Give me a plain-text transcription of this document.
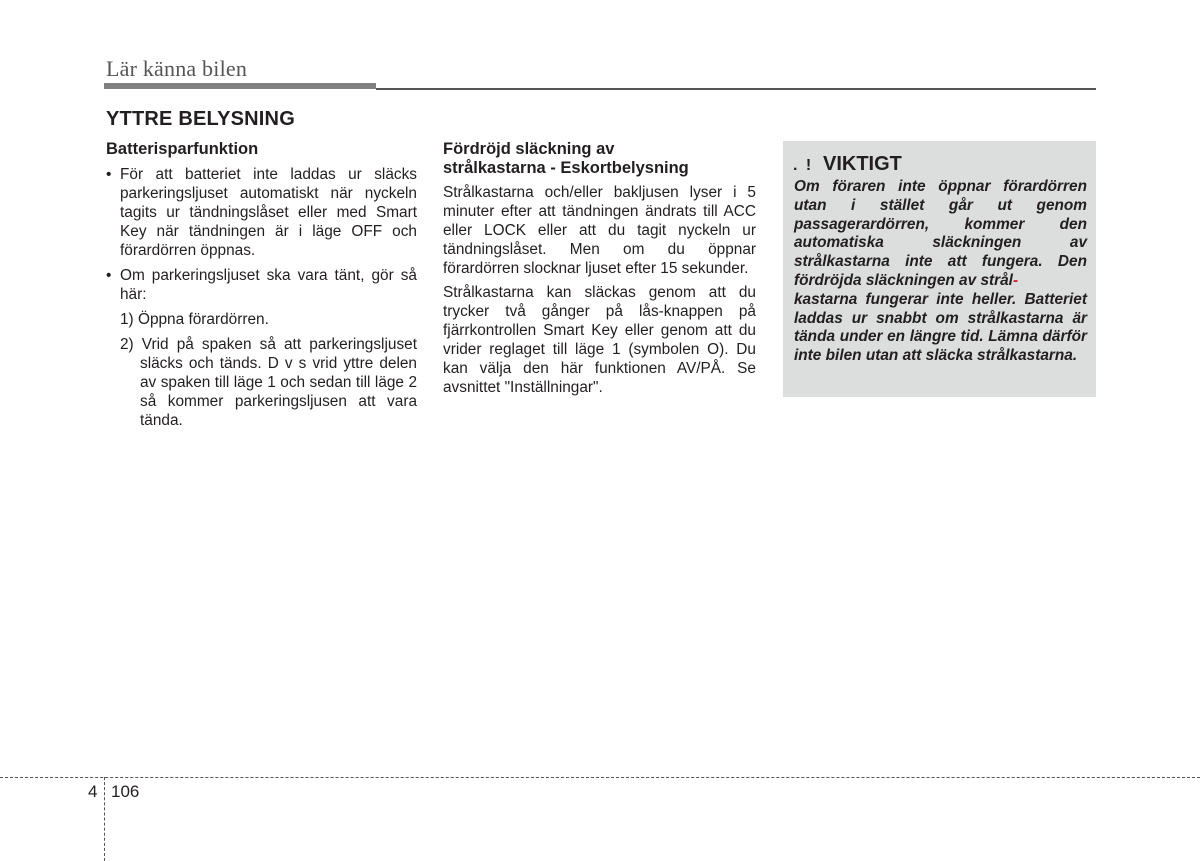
Lär känna bilen
YTTRE BELYSNING
Batterisparfunktion
• För att batteriet inte laddas ur släcks parkeringsljuset automatiskt när nyckeln tagits ur tändningslåset eller med Smart Key när tändningen är i läge OFF och förardörren öppnas.
• Om parkeringsljuset ska vara tänt, gör så här:
1) Öppna förardörren.
2) Vrid på spaken så att parkeringsljuset släcks och tänds. D v s vrid yttre delen av spaken till läge 1 och sedan till läge 2 så kommer parkeringsljusen att vara tända.
Fördröjd släckning av
strålkastarna - Eskortbelysning
Strålkastarna och/eller bakljusen lyser i 5 minuter efter att tändningen ändrats till ACC eller LOCK eller att du tagit nyckeln ur tändningslåset. Men om du öppnar förardörren slocknar ljuset efter 15 sekunder.
Strålkastarna kan släckas genom att du trycker två gånger på lås-knappen på fjärrkontrollen Smart Key eller genom att du vrider reglaget till läge 1 (symbolen O). Du kan välja den här funktionen AV/PÅ. Se avsnittet "Inställningar".
. ! VIKTIGT
Om föraren inte öppnar förardörren utan i stället går ut genom passagerardörren, kommer den automatiska släckningen av strålkastarna inte att fungera. Den fördröjda släckningen av strål-
kastarna fungerar inte heller. Batteriet laddas ur snabbt om strålkastarna är tända under en längre tid. Lämna därför inte bilen utan att släcka strålkastarna.
4 106
